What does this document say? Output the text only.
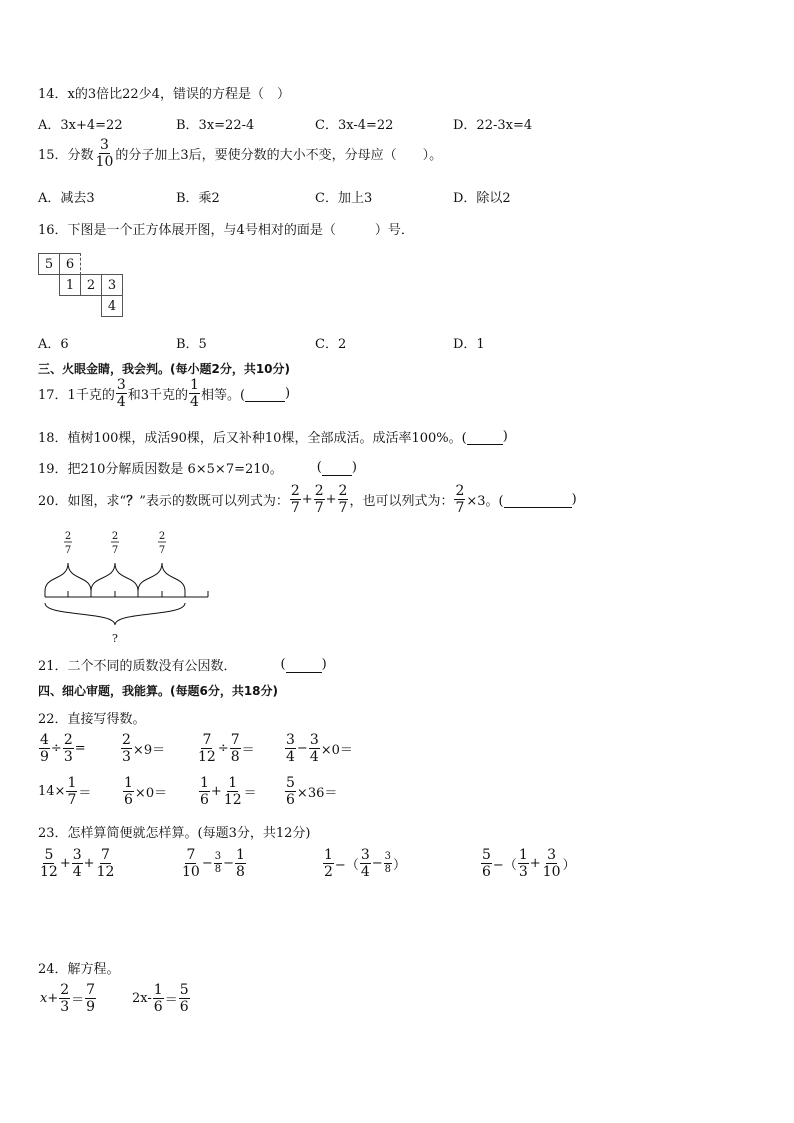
14．x的3倍比22少4，错误的方程是（　）
A．3x+4=22	B．3x=22-4	C．3x-4=22	D．22-3x=4
15．分数 $\frac{3}{10}$ 的分子加上3后，要使分数的大小不变，分母应（　　）。
A．减去3	B．乘2	C．加上3	D．除以2
16．下图是一个正方体展开图，与4号相对的面是（　　　）号．
5 6
1 2 3
4
A．6	B．5	C．2	D．1
三、火眼金睛，我会判。(每小题2分，共10分)
17．1千克的 $\frac{3}{4}$ 和3千克的 $\frac{1}{4}$ 相等。(
	)
18．植树100棵，成活90棵，后又补种10棵，全部成活。成活率100%。(
	)
19．把210分解质因数是 6×5×7=210。	(
)
20．如图，求“ ？ ”表示的数既可以列式为： $\frac{2}{7} + \frac{2}{7} + \frac{2}{7}$ ，也可以列式为： $\frac{2}{7} \times 3$。(
	)
2
7
2
7
2
7
?
21．二个不同的质数没有公因数．	(
	)
四、细心审题，我能算。(每题6分，共18分)
22．直接写得数。
$\frac{4}{9} \div \frac{2}{3}$ =	$\frac{2}{3} \times 9= \frac{7}{12} \div \frac{7}{8} = \frac{3}{4} - \frac{3}{4} \times 0=$
$14\times \frac{1}{7} = \frac{1}{6} \times 0= \frac{1}{6} + \frac{1}{12} = \frac{5}{6} \times 36=$
23．怎样算简便就怎样算。(每题3分，共12分)
$\frac{5}{12} + \frac{3}{4} + \frac{7}{12}$	$\frac{7}{10} - \frac{3}{8} - \frac{1}{8}$	$\frac{1}{2}$ −（ $\frac{3}{4} - \frac{3}{8}$ ）	$\frac{5}{6}$ −（ $\frac{1}{3} + \frac{3}{10}$ ）
24．解方程。
$x+ \frac{2}{3} = \frac{7}{9}$	$2x- \frac{1}{6} = \frac{5}{6}$
